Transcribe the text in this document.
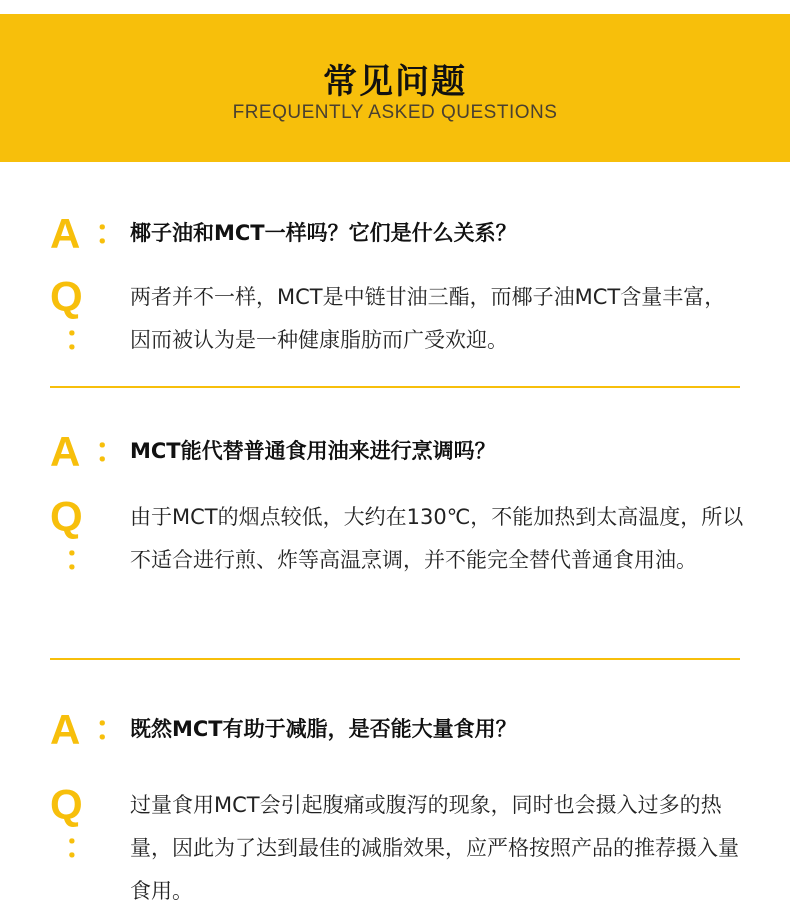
常见问题
FREQUENTLY ASKED QUESTIONS
A ： 椰子油和MCT一样吗？它们是什么关系？
Q：
两者并不一样，MCT是中链甘油三酯，而椰子油MCT含量丰富，因而被认为是一种健康脂肪而广受欢迎。
A ： MCT能代替普通食用油来进行烹调吗？
Q：
由于MCT的烟点较低，大约在130℃，不能加热到太高温度，所以不适合进行煎、炸等高温烹调，并不能完全替代普通食用油。
A ： 既然MCT有助于减脂，是否能大量食用？
Q：
过量食用MCT会引起腹痛或腹泻的现象，同时也会摄入过多的热量，因此为了达到最佳的减脂效果，应严格按照产品的推荐摄入量食用。
